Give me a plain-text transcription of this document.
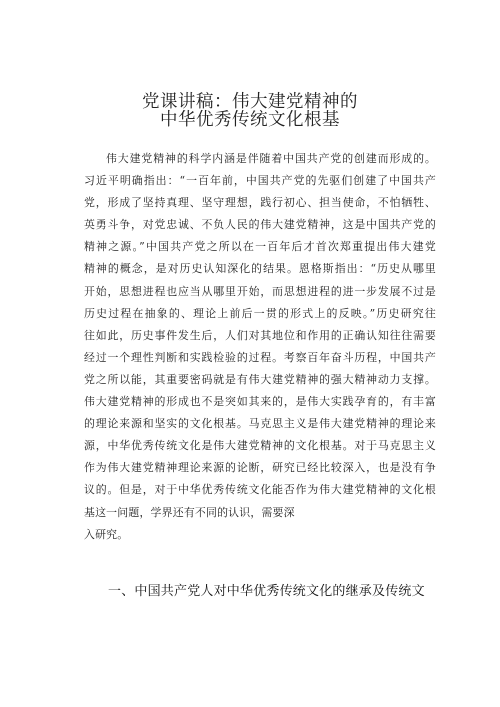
党课讲稿：伟大建党精神的
中华优秀传统文化根基
伟大建党精神的科学内涵是伴随着中国共产党的创建而形成的。
习近平明确指出：“一百年前，中国共产党的先驱们创建了中国共产
党，形成了坚持真理、坚守理想，践行初心、担当使命，不怕牺牲、
英勇斗争，对党忠诚、不负人民的伟大建党精神，这是中国共产党的
精神之源。”中国共产党之所以在一百年后才首次郑重提出伟大建党
精神的概念，是对历史认知深化的结果。恩格斯指出：“历史从哪里
开始，思想进程也应当从哪里开始，而思想进程的进一步发展不过是
历史过程在抽象的、理论上前后一贯的形式上的反映。”历史研究往
往如此，历史事件发生后，人们对其地位和作用的正确认知往往需要
经过一个理性判断和实践检验的过程。考察百年奋斗历程，中国共产
党之所以能，其重要密码就是有伟大建党精神的强大精神动力支撑。
伟大建党精神的形成也不是突如其来的，是伟大实践孕育的，有丰富
的理论来源和坚实的文化根基。马克思主义是伟大建党精神的理论来
源，中华优秀传统文化是伟大建党精神的文化根基。对于马克思主义
作为伟大建党精神理论来源的论断，研究已经比较深入，也是没有争
议的。但是，对于中华优秀传统文化能否作为伟大建党精神的文化根
基这一问题，学界还有不同的认识，需要深
入研究。
一、中国共产党人对中华优秀传统文化的继承及传统文
